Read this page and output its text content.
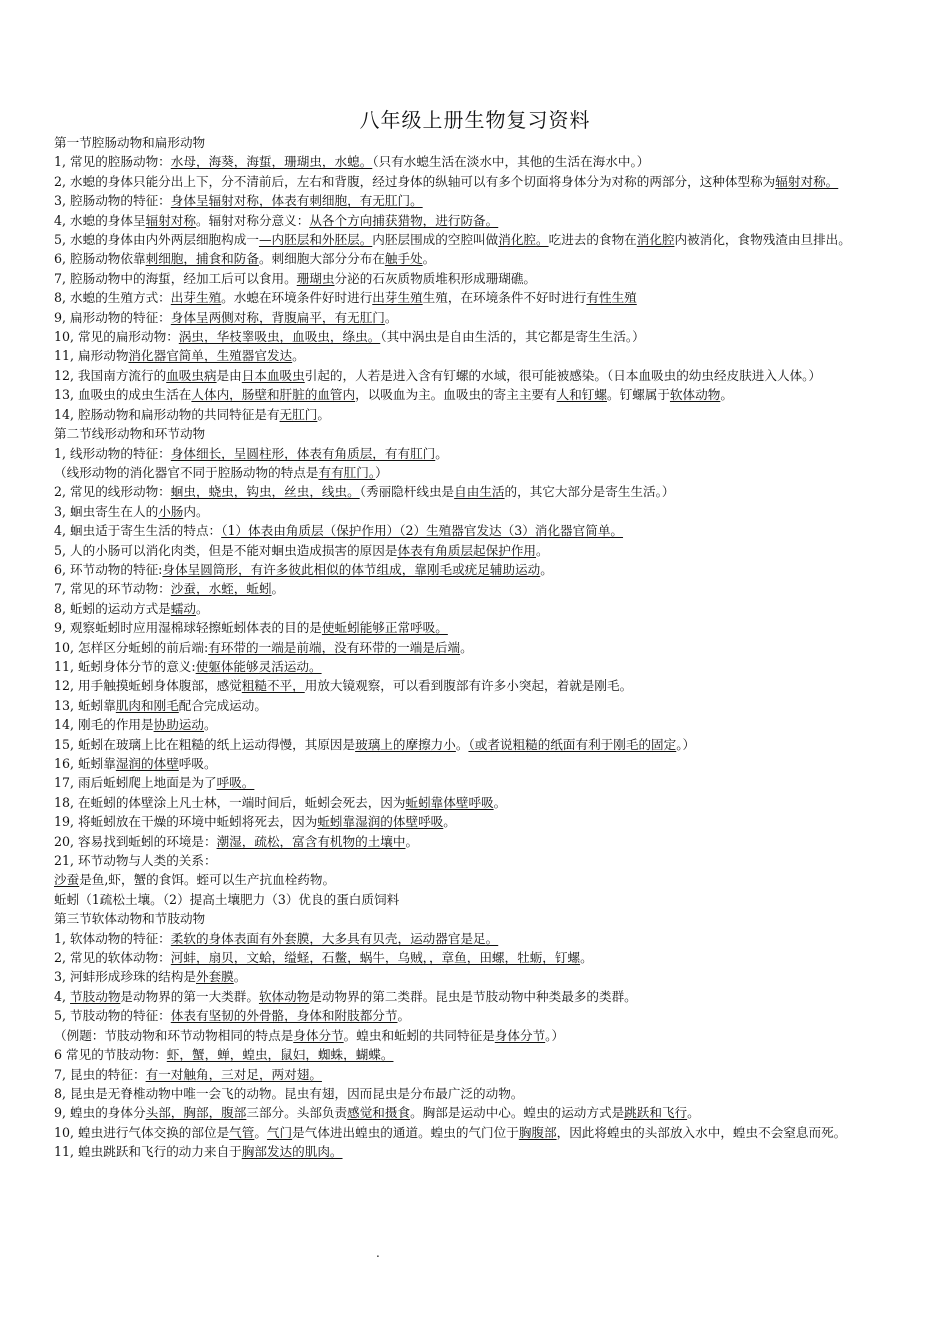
八年级上册生物复习资料
第一节腔肠动物和扁形动物
1, 常见的腔肠动物：水母，海葵，海蜇，珊瑚虫，水螅。（只有水螅生活在淡水中，其他的生活在海水中。）
2, 水螅的身体只能分出上下，分不清前后，左右和背腹，经过身体的纵轴可以有多个切面将身体分为对称的两部分，这种体型称为辐射对称。
3, 腔肠动物的特征：身体呈辐射对称，体表有刺细胞，有无肛门。
4, 水螅的身体呈辐射对称。辐射对称分意义：从各个方向捕获猎物，进行防备。
5, 水螅的身体由内外两层细胞构成一—内胚层和外胚层。内胚层围成的空腔叫做消化腔。吃进去的食物在消化腔内被消化，食物残渣由旦排出。
6, 腔肠动物依靠刺细胞，捕食和防备。刺细胞大部分分布在触手处。
7, 腔肠动物中的海蜇，经加工后可以食用。珊瑚虫分泌的石灰质物质堆积形成珊瑚礁。
8, 水螅的生殖方式：出芽生殖。水螅在环境条件好时进行出芽生殖生殖，在环境条件不好时进行有性生殖
9, 扁形动物的特征：身体呈两侧对称，背腹扁平，有无肛门。
10, 常见的扁形动物：涡虫，华枝睾吸虫，血吸虫，绦虫。（其中涡虫是自由生活的，其它都是寄生生活。）
11, 扁形动物消化器官简单，生殖器官发达。
12, 我国南方流行的血吸虫病是由日本血吸虫引起的，人若是进入含有钉螺的水域，很可能被感染。（日本血吸虫的幼虫经皮肤进入人体。）
13, 血吸虫的成虫生活在人体内，肠壁和肝脏的血管内，以吸血为主。血吸虫的寄主主要有人和钉螺。钉螺属于软体动物。
14, 腔肠动物和扁形动物的共同特征是有无肛门。
第二节线形动物和环节动物
1, 线形动物的特征：身体细长，呈圆柱形，体表有角质层，有有肛门。
（线形动物的消化器官不同于腔肠动物的特点是有有肛门。）
2, 常见的线形动物：蛔虫，蛲虫，钩虫，丝虫，线虫。（秀丽隐杆线虫是自由生活的，其它大部分是寄生生活。）
3, 蛔虫寄生在人的小肠内。
4, 蛔虫适于寄生生活的特点：（1）体表由角质层（保护作用）（2）生殖器官发达（3）消化器官简单。
5, 人的小肠可以消化肉类，但是不能对蛔虫造成损害的原因是体表有角质层起保护作用。
6, 环节动物的特征:身体呈圆筒形，有许多彼此相似的体节组成，靠刚毛或疣足辅助运动。
7, 常见的环节动物：沙蚕，水蛭，蚯蚓。
8, 蚯蚓的运动方式是蠕动。
9, 观察蚯蚓时应用湿棉球轻擦蚯蚓体表的目的是使蚯蚓能够正常呼吸。
10, 怎样区分蚯蚓的前后端:有环带的一端是前端，没有环带的一端是后端。
11, 蚯蚓身体分节的意义:使躯体能够灵活运动。
12, 用手触摸蚯蚓身体腹部，感觉粗糙不平，用放大镜观察，可以看到腹部有许多小突起，着就是刚毛。
13, 蚯蚓靠肌肉和刚毛配合完成运动。
14, 刚毛的作用是协助运动。
15, 蚯蚓在玻璃上比在粗糙的纸上运动得慢，其原因是玻璃上的摩擦力小。（或者说粗糙的纸面有利于刚毛的固定。）
16, 蚯蚓靠湿润的体壁呼吸。
17, 雨后蚯蚓爬上地面是为了呼吸。
18, 在蚯蚓的体壁涂上凡士林，一端时间后，蚯蚓会死去，因为蚯蚓靠体壁呼吸。
19, 将蚯蚓放在干燥的环境中蚯蚓将死去，因为蚯蚓靠湿润的体壁呼吸。
20, 容易找到蚯蚓的环境是：潮湿，疏松，富含有机物的土壤中。
21, 环节动物与人类的关系：
沙蚕是鱼,虾，蟹的食饵。蛭可以生产抗血栓药物。
蚯蚓（1疏松土壤。（2）提高土壤肥力（3）优良的蛋白质饲料
第三节软体动物和节肢动物
1, 软体动物的特征：柔软的身体表面有外套膜，大多具有贝壳，运动器官是足。
2, 常见的软体动物：河蚌，扇贝，文蛤，缢蛏，石鳖，蜗牛，乌贼，，章鱼，田螺，牡蛎，钉螺。
3, 河蚌形成珍珠的结构是外套膜。
4, 节肢动物是动物界的第一大类群。软体动物是动物界的第二类群。昆虫是节肢动物中种类最多的类群。
5, 节肢动物的特征：体表有坚韧的外骨骼，身体和附肢都分节。
（例题：节肢动物和环节动物相同的特点是身体分节。蝗虫和蚯蚓的共同特征是身体分节。）
6 常见的节肢动物：虾，蟹，蝉，蝗虫，鼠妇，蜘蛛，蝴蝶。
7, 昆虫的特征：有一对触角，三对足，两对翅。
8, 昆虫是无脊椎动物中唯一会飞的动物。昆虫有翅，因而昆虫是分布最广泛的动物。
9, 蝗虫的身体分头部，胸部，腹部三部分。头部负责感觉和摄食。胸部是运动中心。蝗虫的运动方式是跳跃和飞行。
10, 蝗虫进行气体交换的部位是气管。气门是气体进出蝗虫的通道。蝗虫的气门位于胸腹部，因此将蝗虫的头部放入水中，蝗虫不会窒息而死。
11, 蝗虫跳跃和飞行的动力来自于胸部发达的肌肉。
.
